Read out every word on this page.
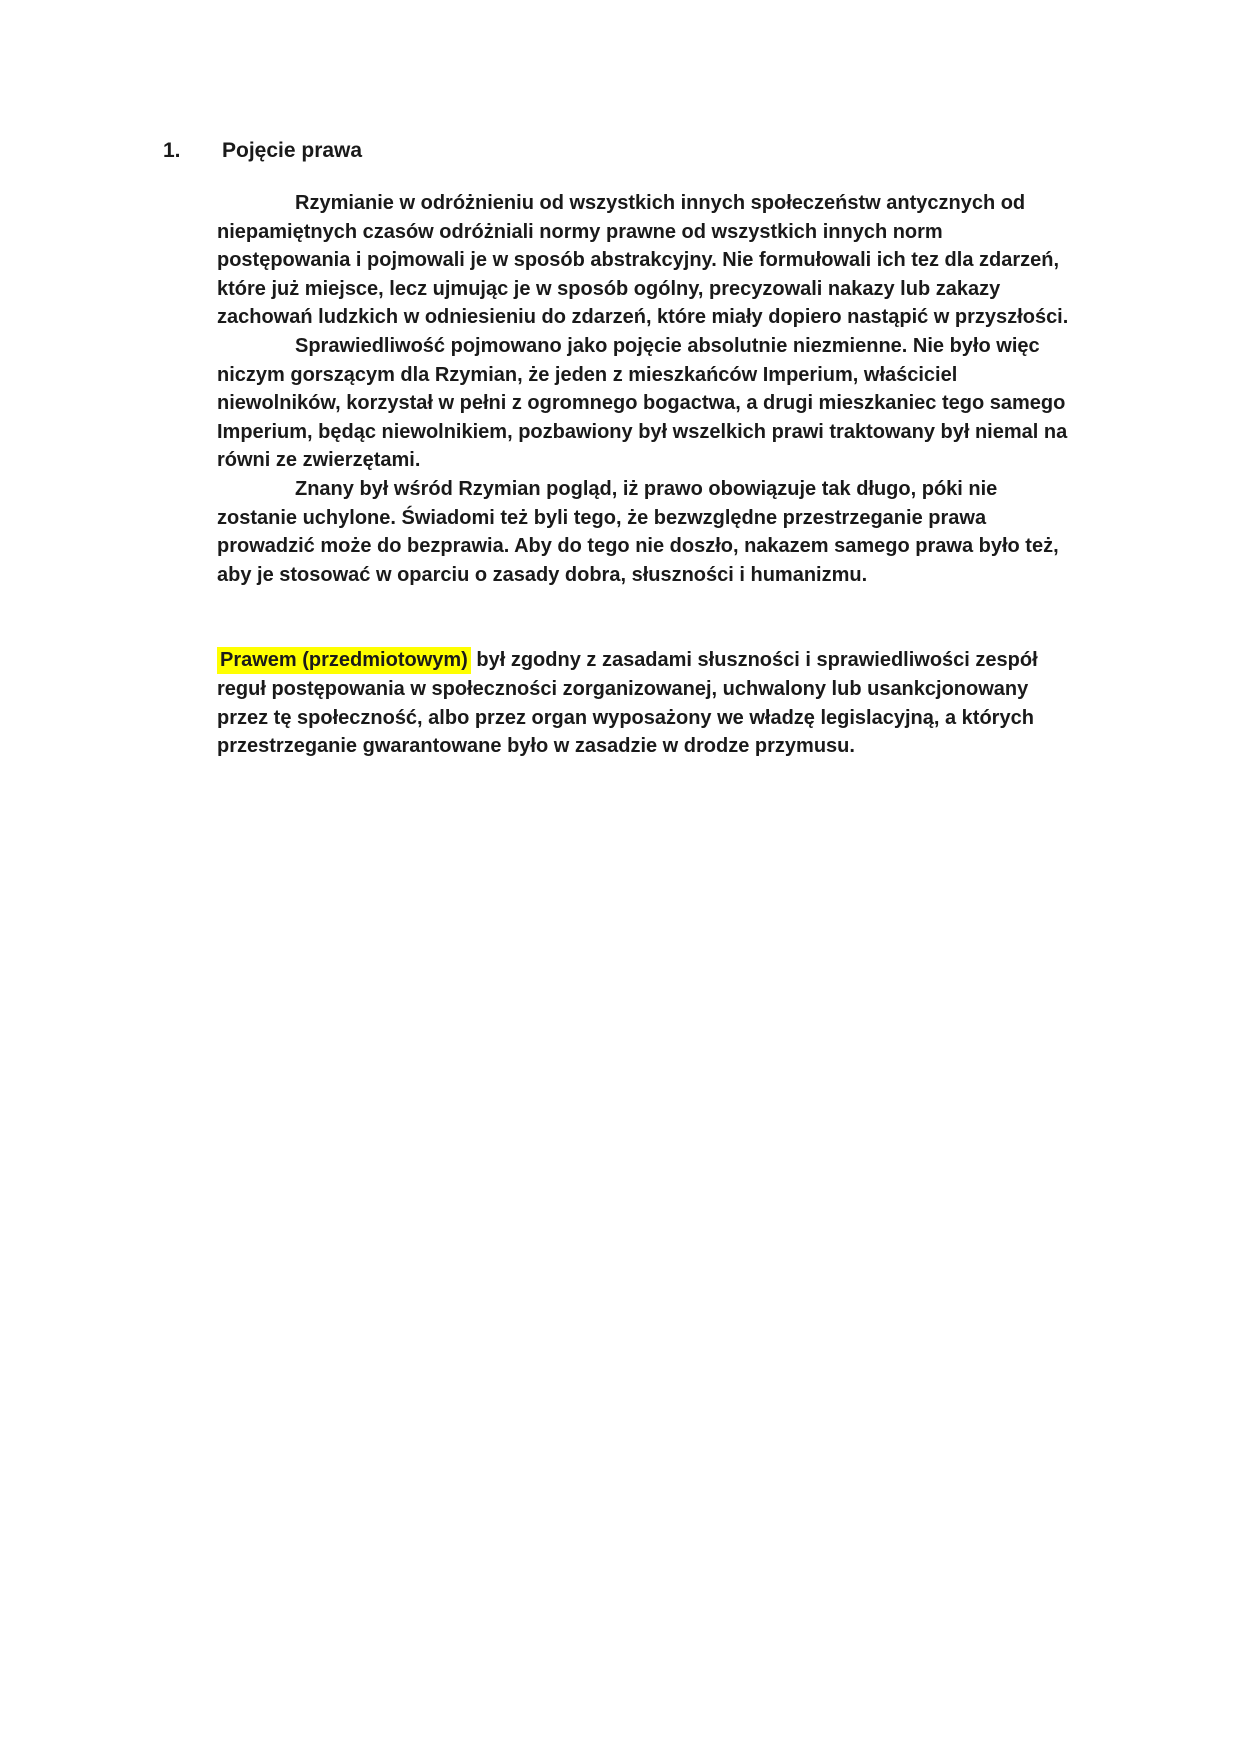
1.	Pojęcie prawa

Rzymianie w odróżnieniu od wszystkich innych społeczeństw antycznych od niepamiętnych czasów odróżniali normy prawne od wszystkich innych norm postępowania i pojmowali je w sposób abstrakcyjny. Nie formułowali ich tez dla zdarzeń, które już miejsce, lecz ujmując je w sposób ogólny, precyzowali nakazy lub zakazy zachowań ludzkich w odniesieniu do zdarzeń, które miały dopiero nastąpić w przyszłości.

Sprawiedliwość pojmowano jako pojęcie absolutnie niezmienne. Nie było więc niczym gorszącym dla Rzymian, że jeden z mieszkańców Imperium, właściciel niewolników, korzystał w pełni z ogromnego bogactwa, a drugi mieszkaniec tego samego Imperium, będąc niewolnikiem, pozbawiony był wszelkich prawi traktowany był niemal na równi ze zwierzętami.

Znany był wśród Rzymian pogląd, iż prawo obowiązuje tak długo, póki nie zostanie uchylone. Świadomi też byli tego, że bezwzględne przestrzeganie prawa prowadzić może do bezprawia. Aby do tego nie doszło, nakazem samego prawa było też, aby je stosować w oparciu o zasady dobra, słuszności i humanizmu.

Prawem (przedmiotowym) był zgodny z zasadami słuszności i sprawiedliwości zespół reguł postępowania w społeczności zorganizowanej, uchwalony lub usankcjonowany przez tę społeczność, albo przez organ wyposażony we władzę legislacyjną, a których przestrzeganie gwarantowane było w zasadzie w drodze przymusu.
